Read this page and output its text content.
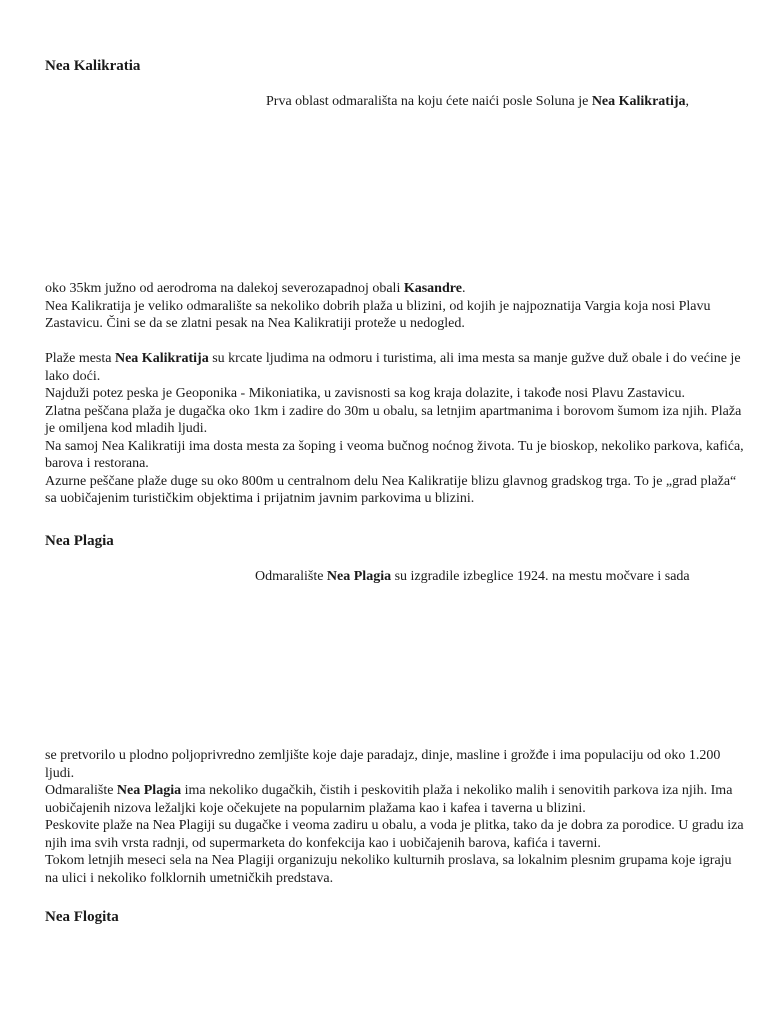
Nea Kalikratia

Prva oblast odmarališta na koju ćete naići posle Soluna je Nea Kalikratija,

oko 35km južno od aerodroma na dalekoj severozapadnoj obali Kasandre.

Nea Kalikratija je veliko odmaralište sa nekoliko dobrih plaža u blizini, od kojih je najpoznatija Vargia koja nosi Plavu Zastavicu. Čini se da se zlatni pesak na Nea Kalikratiji proteže u nedogled.

Plaže mesta Nea Kalikratija su krcate ljudima na odmoru i turistima, ali ima mesta sa manje gužve duž obale i do većine je lako doći.

Najduži potez peska je Geoponika - Mikoniatika, u zavisnosti sa kog kraja dolazite, i takođe nosi Plavu Zastavicu.

Zlatna peščana plaža je dugačka oko 1km i zadire do 30m u obalu, sa letnjim apartmanima i borovom šumom iza njih. Plaža je omiljena kod mladih ljudi.

Na samoj Nea Kalikratiji ima dosta mesta za šoping i veoma bučnog noćnog života. Tu je bioskop, nekoliko parkova, kafića, barova i restorana.

Azurne peščane plaže duge su oko 800m u centralnom delu Nea Kalikratije blizu glavnog gradskog trga. To je „grad plaža“ sa uobičajenim turističkim objektima i prijatnim javnim parkovima u blizini.

Nea Plagia

Odmaralište Nea Plagia su izgradile izbeglice 1924. na mestu močvare i sada

se pretvorilo u plodno poljoprivredno zemljište koje daje paradajz, dinje, masline i grožđe i ima populaciju od oko 1.200 ljudi.

Odmaralište Nea Plagia ima nekoliko dugačkih, čistih i peskovitih plaža i nekoliko malih i senovitih parkova iza njih. Ima uobičajenih nizova ležaljki koje očekujete na popularnim plažama kao i kafea i taverna u blizini.

Peskovite plaže na Nea Plagiji su dugačke i veoma zadiru u obalu, a voda je plitka, tako da je dobra za porodice. U gradu iza njih ima svih vrsta radnji, od supermarketa do konfekcija kao i uobičajenih barova, kafića i taverni.

Tokom letnjih meseci sela na Nea Plagiji organizuju nekoliko kulturnih proslava, sa lokalnim plesnim grupama koje igraju na ulici i nekoliko folklornih umetničkih predstava.

Nea Flogita
